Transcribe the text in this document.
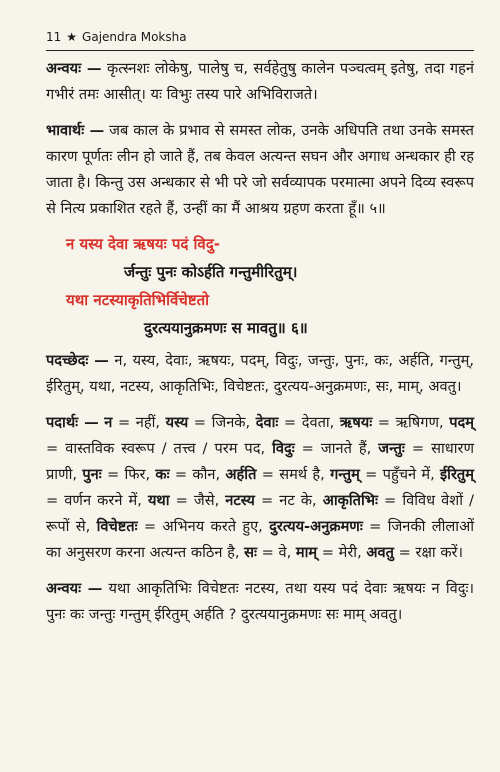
11 ★ Gajendra Moksha

अन्वयः — कृत्स्नशः लोकेषु, पालेषु च, सर्वहेतुषु कालेन पञ्चत्वम् इतेषु, तदा गहनं गभीरं तमः आसीत्। यः विभुः तस्य पारे अभिविराजते।

भावार्थः — जब काल के प्रभाव से समस्त लोक, उनके अधिपति तथा उनके समस्त कारण पूर्णतः लीन हो जाते हैं, तब केवल अत्यन्त सघन और अगाध अन्धकार ही रह जाता है। किन्तु उस अन्धकार से भी परे जो सर्वव्यापक परमात्मा अपने दिव्य स्वरूप से नित्य प्रकाशित रहते हैं, उन्हीं का मैं आश्रय ग्रहण करता हूँ॥ ५॥

न यस्य देवा ऋषयः पदं विदु-
र्जन्तुः पुनः कोऽर्हति गन्तुमीरितुम्।
यथा नटस्याकृतिभिर्विचेष्टतो
दुरत्ययानुक्रमणः स मावतु॥ ६॥

पदच्छेदः — न, यस्य, देवाः, ऋषयः, पदम्, विदुः, जन्तुः, पुनः, कः, अर्हति, गन्तुम्, ईरितुम्, यथा, नटस्य, आकृतिभिः, विचेष्टतः, दुरत्यय-अनुक्रमणः, सः, माम्, अवतु।

पदार्थः — न = नहीं, यस्य = जिनके, देवाः = देवता, ऋषयः = ऋषिगण, पदम् = वास्तविक स्वरूप / तत्त्व / परम पद, विदुः = जानते हैं, जन्तुः = साधारण प्राणी, पुनः = फिर, कः = कौन, अर्हति = समर्थ है, गन्तुम् = पहुँचने में, ईरितुम् = वर्णन करने में, यथा = जैसे, नटस्य = नट के, आकृतिभिः = विविध वेशों / रूपों से, विचेष्टतः = अभिनय करते हुए, दुरत्यय-अनुक्रमणः = जिनकी लीलाओं का अनुसरण करना अत्यन्त कठिन है, सः = वे, माम् = मेरी, अवतु = रक्षा करें।

अन्वयः — यथा आकृतिभिः विचेष्टतः नटस्य, तथा यस्य पदं देवाः ऋषयः न विदुः। पुनः कः जन्तुः गन्तुम् ईरितुम् अर्हति ? दुरत्ययानुक्रमणः सः माम् अवतु।
